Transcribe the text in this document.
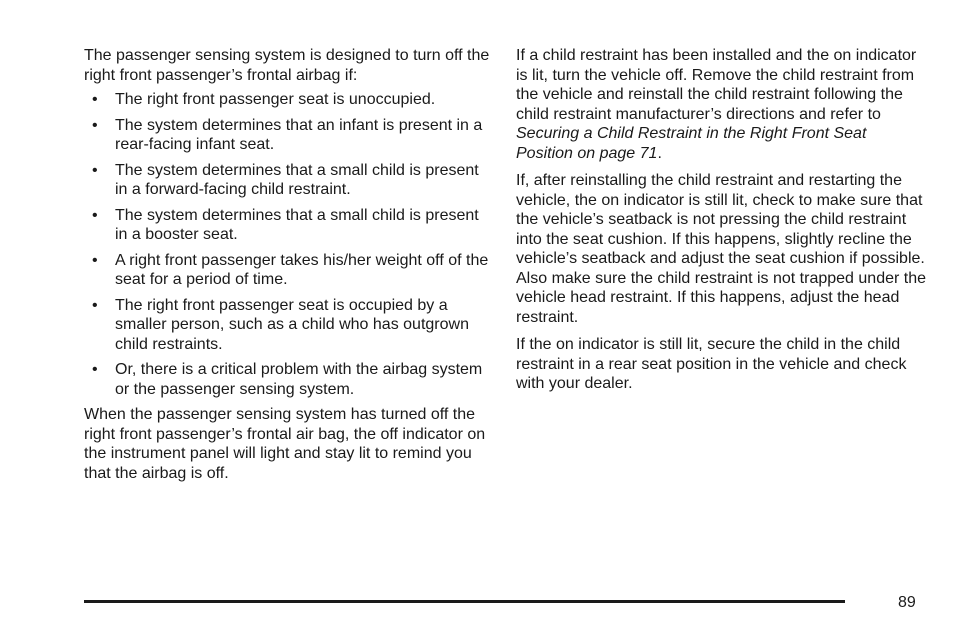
The passenger sensing system is designed to turn off the right front passenger’s frontal airbag if:

• The right front passenger seat is unoccupied.
• The system determines that an infant is present in a rear-facing infant seat.
• The system determines that a small child is present in a forward-facing child restraint.
• The system determines that a small child is present in a booster seat.
• A right front passenger takes his/her weight off of the seat for a period of time.
• The right front passenger seat is occupied by a smaller person, such as a child who has outgrown child restraints.
• Or, there is a critical problem with the airbag system or the passenger sensing system.

When the passenger sensing system has turned off the right front passenger’s frontal air bag, the off indicator on the instrument panel will light and stay lit to remind you that the airbag is off.

If a child restraint has been installed and the on indicator is lit, turn the vehicle off. Remove the child restraint from the vehicle and reinstall the child restraint following the child restraint manufacturer’s directions and refer to Securing a Child Restraint in the Right Front Seat Position on page 71.

If, after reinstalling the child restraint and restarting the vehicle, the on indicator is still lit, check to make sure that the vehicle’s seatback is not pressing the child restraint into the seat cushion. If this happens, slightly recline the vehicle’s seatback and adjust the seat cushion if possible. Also make sure the child restraint is not trapped under the vehicle head restraint. If this happens, adjust the head restraint.

If the on indicator is still lit, secure the child in the child restraint in a rear seat position in the vehicle and check with your dealer.

89
